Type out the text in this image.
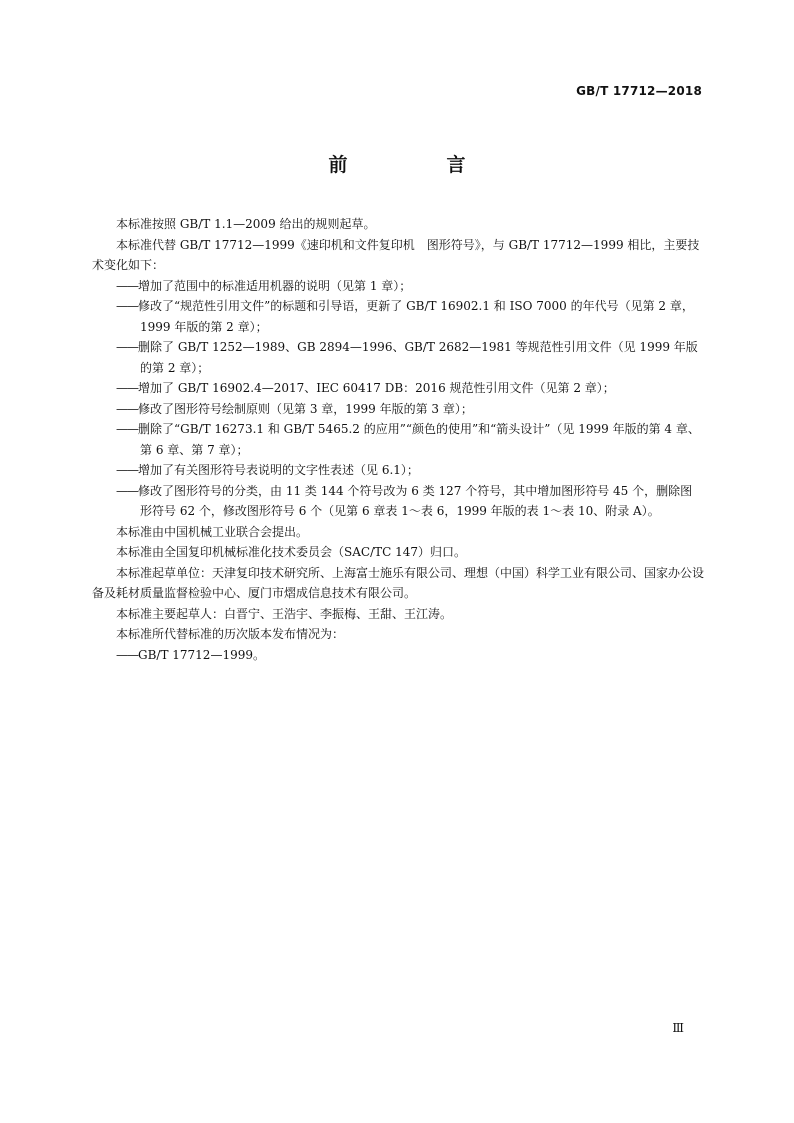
GB/T 17712—2018
前　言

本标准按照 GB/T 1.1—2009 给出的规则起草。

本标准代替 GB/T 17712—1999《速印机和文件复印机　图形符号》，与 GB/T 17712—1999 相比，主要技术变化如下：

——增加了范围中的标准适用机器的说明（见第 1 章）；

——修改了“规范性引用文件”的标题和引导语，更新了 GB/T 16902.1 和 ISO 7000 的年代号（见第 2 章，1999 年版的第 2 章）；

——删除了 GB/T 1252—1989、GB 2894—1996、GB/T 2682—1981 等规范性引用文件（见 1999 年版的第 2 章）；

——增加了 GB/T 16902.4—2017、IEC 60417 DB：2016 规范性引用文件（见第 2 章）；

——修改了图形符号绘制原则（见第 3 章，1999 年版的第 3 章）；

——删除了“GB/T 16273.1 和 GB/T 5465.2 的应用”“颜色的使用”和“箭头设计”（见 1999 年版的第 4 章、第 6 章、第 7 章）；

——增加了有关图形符号表说明的文字性表述（见 6.1）；

——修改了图形符号的分类，由 11 类 144 个符号改为 6 类 127 个符号，其中增加图形符号 45 个，删除图形符号 62 个，修改图形符号 6 个（见第 6 章表 1～表 6，1999 年版的表 1～表 10、附录 A）。

本标准由中国机械工业联合会提出。

本标准由全国复印机械标准化技术委员会（SAC/TC 147）归口。

本标准起草单位：天津复印技术研究所、上海富士施乐有限公司、理想（中国）科学工业有限公司、国家办公设备及耗材质量监督检验中心、厦门市熠成信息技术有限公司。

本标准主要起草人：白晋宁、王浩宇、李振梅、王甜、王江涛。

本标准所代替标准的历次版本发布情况为：

——GB/T 17712—1999。

Ⅲ
